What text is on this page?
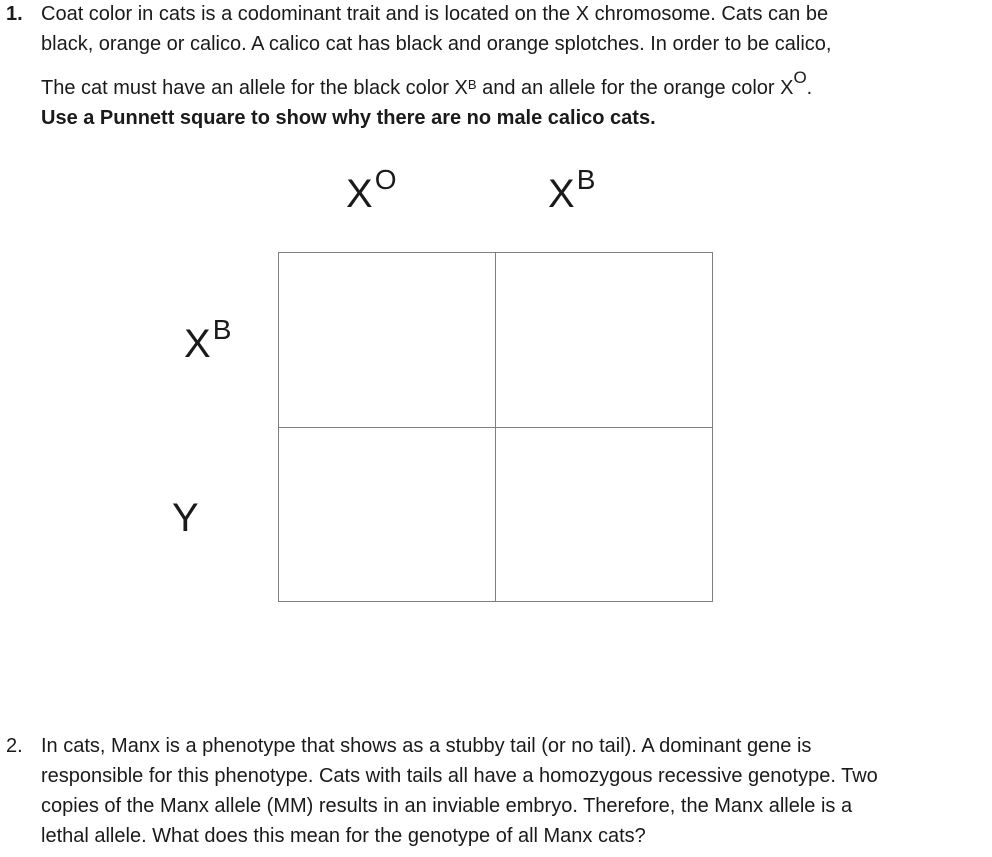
1. Coat color in cats is a codominant trait and is located on the X chromosome. Cats can be
black, orange or calico. A calico cat has black and orange splotches. In order to be calico,
The cat must have an allele for the black color $X^B$ and an allele for the orange color $X^O$.
Use a Punnett square to show why there are no male calico cats.
$X^O$	$X^B$
$X^B$
Y
2. In cats, Manx is a phenotype that shows as a stubby tail (or no tail). A dominant gene is
responsible for this phenotype. Cats with tails all have a homozygous recessive genotype. Two
copies of the Manx allele (MM) results in an inviable embryo. Therefore, the Manx allele is a
lethal allele. What does this mean for the genotype of all Manx cats?
